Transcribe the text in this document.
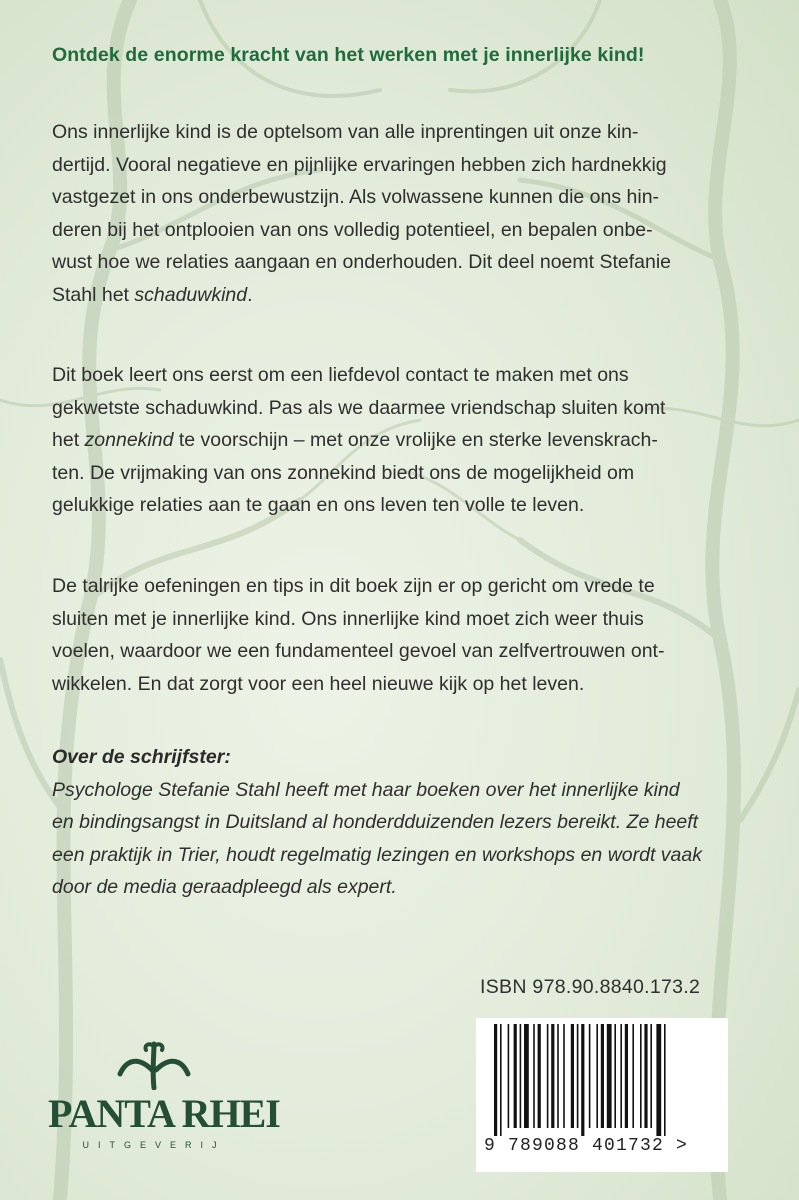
Ontdek de enorme kracht van het werken met je innerlijke kind!
Ons innerlijke kind is de optelsom van alle inprentingen uit onze kin-
dertijd. Vooral negatieve en pijnlijke ervaringen hebben zich hardnekkig
vastgezet in ons onderbewustzijn. Als volwassene kunnen die ons hin-
deren bij het ontplooien van ons volledig potentieel, en bepalen onbe-
wust hoe we relaties aangaan en onderhouden. Dit deel noemt Stefanie
Stahl het schaduwkind.
Dit boek leert ons eerst om een liefdevol contact te maken met ons
gekwetste schaduwkind. Pas als we daarmee vriendschap sluiten komt
het zonnekind te voorschijn – met onze vrolijke en sterke levenskrach-
ten. De vrijmaking van ons zonnekind biedt ons de mogelijkheid om
gelukkige relaties aan te gaan en ons leven ten volle te leven.
De talrijke oefeningen en tips in dit boek zijn er op gericht om vrede te
sluiten met je innerlijke kind. Ons innerlijke kind moet zich weer thuis
voelen, waardoor we een fundamenteel gevoel van zelfvertrouwen ont-
wikkelen. En dat zorgt voor een heel nieuwe kijk op het leven.
Over de schrijfster:
Psychologe Stefanie Stahl heeft met haar boeken over het innerlijke kind
en bindingsangst in Duitsland al honderdduizenden lezers bereikt. Ze heeft
een praktijk in Trier, houdt regelmatig lezingen en workshops en wordt vaak
door de media geraadpleegd als expert.
ISBN 978.90.8840.173.2
9 789088 401732 >
PANTA RHEI
UITGEVERIJ
